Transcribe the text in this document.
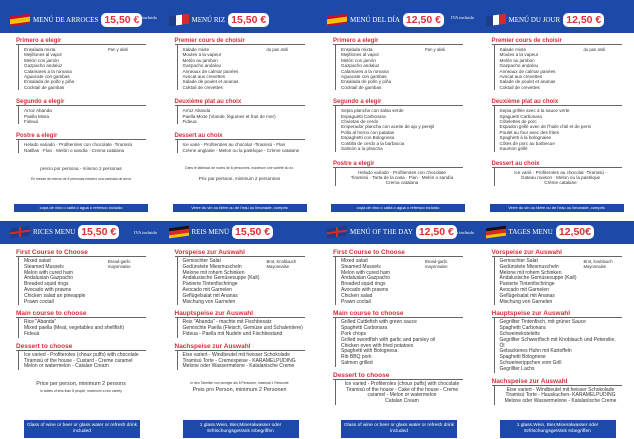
MENÚ DE ARROCES 15,50 €
Primero a elegir
Pan y alioli
Ensalada mixta
Mejillones al vapor
Melón con jamón
Gazpacho andaluz
Calamares a la romana
Aguacate con gambas
Ensalada de pollo y piña
Cocktail de gambas
Segundo a elegir
Arroz Abanda
Paella Mixta
Fideuá
Postre a elegir
Helado variado · Profiteroles con chocolate ·Tiramisú
Natillas · Flan · Melón o sandía · Crema catalana
precio por persona - mínimo 2 personas
En mesas de menos de 8 personas máximo una variedad de arroz
copa de vino o caña o agua o refresco incluido
MENÚ RIZ 15,50 €
Premier cours de choisir
du pan aïoli
Salade mixte
Moules a la vapeur
Melón au jambon
Gazpacho andalou
Anneaux de calmar panées
Avocat aux crevettes
Salade de poulet et ananas
Coktail de crevettes
Deuxième plat au choix
Arroz Abanda
Paella Mixte (Viande, légumes et fruit de mer)
Fideua
Dessert au choix
Ice varié - Profiteroles au chocolat -Tiramisú - Flan
Crème anglaise - Melon ou la pastèque - Crème catalane
Dans le tableaux de moins de 8 personnes, maximum une variété du riz.
Prix par persone, minimum 2 personnes
Verre du vin ou bière ou de l'eau ou limonade, compris
MENÚ DEL DÍA 12,50 €
Primero a elegir
Pan y alioli
Ensalada mixta
Mejillones al vapor
Melón con jamón
Gazpacho andaluz
Calamares a la romana
Aguacate con gambas
Ensalada de pollo y piña
Cocktail de gambas
Segundo a elegir
Sepia plancha con salsa verde
Espaguetti Carbonara
Chuletas de cerdo
Emperador plancha con aceite de ajo y perejil
Pollo al horno con patatas
Espaghetti con Bolognesa
Costilla de cerdo a la barbacoa
Salmón a la plancha
Postre a elegir
Helado variado · Profiteroles con chocolate
Tiramisú · Tarta de la casa · Flan · Melón o sandía
Crema catalana
copa de vino o caña o agua o refresco incluido
MENÚ DU JOUR 12,50 €
Premier cours de choisir
du pan aïoli
Salade mixte
Moules a la vapeur
Melón au jambon
Gazpacho andalou
Anneaux de calmar panées
Avocat aux crevettes
Salade de poulet et ananas
Coktail de crevettes
Deuxième plat au choix
Sepia grillée avec à la sauce verte
Spaguetti Carbonara
Côtelettes de porc
Espadon grillé avec de l'huile d'ail et de persi
Poulet au four avec des frites
Spaghetti à la bolognaise
Côtes de porc au barbecue
Saumon grillé
Dessert au choix
Ice varié · Profiteroles au chocolat ·Tiramisú ·
Gateau maison · Melon ou la pastèque
Crème catalane
Verre du vin ou bière ou de l'eau ou limonade, compris
RICES MENU 15,50 €
First Course to Choose
Bread-garlic mayonnaise
Mixed salad
Steamed Mussels
Melon with cured ham
Andalusian Gazpacho
Breaded squid rings
Avocado with prawns
Chicken salad an pineapple
Prawn coctail
Main course to choose
Rice "Abanda"
Mixed paella (Meat, vegetables and shellfish)
Fideuá
Dessert to choose
Ice varied - Profiteroles (choux puffs) with chocolate
Tiramisú of the house - Custard - Creme caramel
Melon or watermelon - Catalan Cream
Price per person, minimum 2 persons
In tables of less than 8 people, maximum a rice variety
Glass of wine or beer or glass water or refresh drink included
REIS MENÜ 15,50 €
Vorspeise zur Auswahl
Brot, Knoblauch Mayonnaise
Gemischter Salat
Gedünstete Miesmuscheln
Melone mit rohem Schinken
Andalusische Gemüsesuppe (Kalt)
Panierte Tintenfischringe
Avocado mit Garnelen
Geflügelsalat mit Ananas
Mischung von Garnelen
Hauptspeise zur Auswahl
Reis "Abanda" - machte mit Fischbesatz
Gemischte Paella (Fleisch, Gemüse und Schalentiere)
Fideua - Paella mit Nudeln und Fischbestand
Nachspeise zur Auswahl
Eise variert - Windbeutel mit heisser Schokolade
Tiramisú Torte - Cremespeise - KARAMELPUDING
Melone oder Wassermelone - Katalanische Creme
In den Tabellen von weniger als 8 Personen, maximal 1 Reissorte
Preis pro Person, minimum 2 Personen
1 glass.Wein, Bier,Mineralwasser oder Erfrischungsgetränk Inbegriffen
MENÚ OF THE DAY 12,50 €
First Course to Choose
Bread-garlic mayonnaise
Mixed salad
Steamed Mussels
Melon with cured ham
Andalusian Gazpacho
Breaded squid rings
Avocado with prawns
Chicken salad
Prawn coctail
Main course to choose
Grilled Cuttlefish with green sauce
Spaghetti Carbonara
Pork chops
Grilled swordfish with garlic and parsley oil
Chicken oven with fried potatoes
Spaghetti with Bolognesa
Rib BBQ pork
Salmon grilled
Dessert to choose
Ice varied - Profiteroles (choux puffs) with chocolate
Tiramisú of the house - Cake of the house - Creme
caramel - Melon or watermelon
Catalan Cream
Glass of wine or beer or glass water or refresh drink included
TAGES MENU 12,50€
Vorspeise zur Auswahl
Brot, knoblauch Mayonnaise
Gemischter Salat
Gedünstete Miesmuscheln
Melone mit rohem Schinken
Andalusische Gemüsesuppe (Kalt)
Panierte Tintenfischringe
Avocado mit Garnelen
Geflügelsalat mit Ananas
Mischung von Garnelen
Hauptspeise zur Auswahl
Gegrillter Tintenfisch, mit grüner Sauce
Spaghetti Carbonara
Schweinekoteletts
Gegrillter Schwertfisch mit Knoblauch und Petersilie, Öl
Gebackenes Huhn mit Kartoffeln
Spaghetti Bolognese
Schweinerippchen vom Grill
Gegrillter Lachs
Nachspeise zur Auswahl
Eise variert - Windbeutel mit heisser Schokolade
Tiramisú Torte - Hauskuchen- KARAMELPUDING
Melone oder Wassermelone - Katalanische Creme
1 glass.Wein, Bier,Mineralwasser oder Erfrischungsgetränk Inbegriffen
IVA incluido	IVA incluido
IVA incluido	IVA incluido
